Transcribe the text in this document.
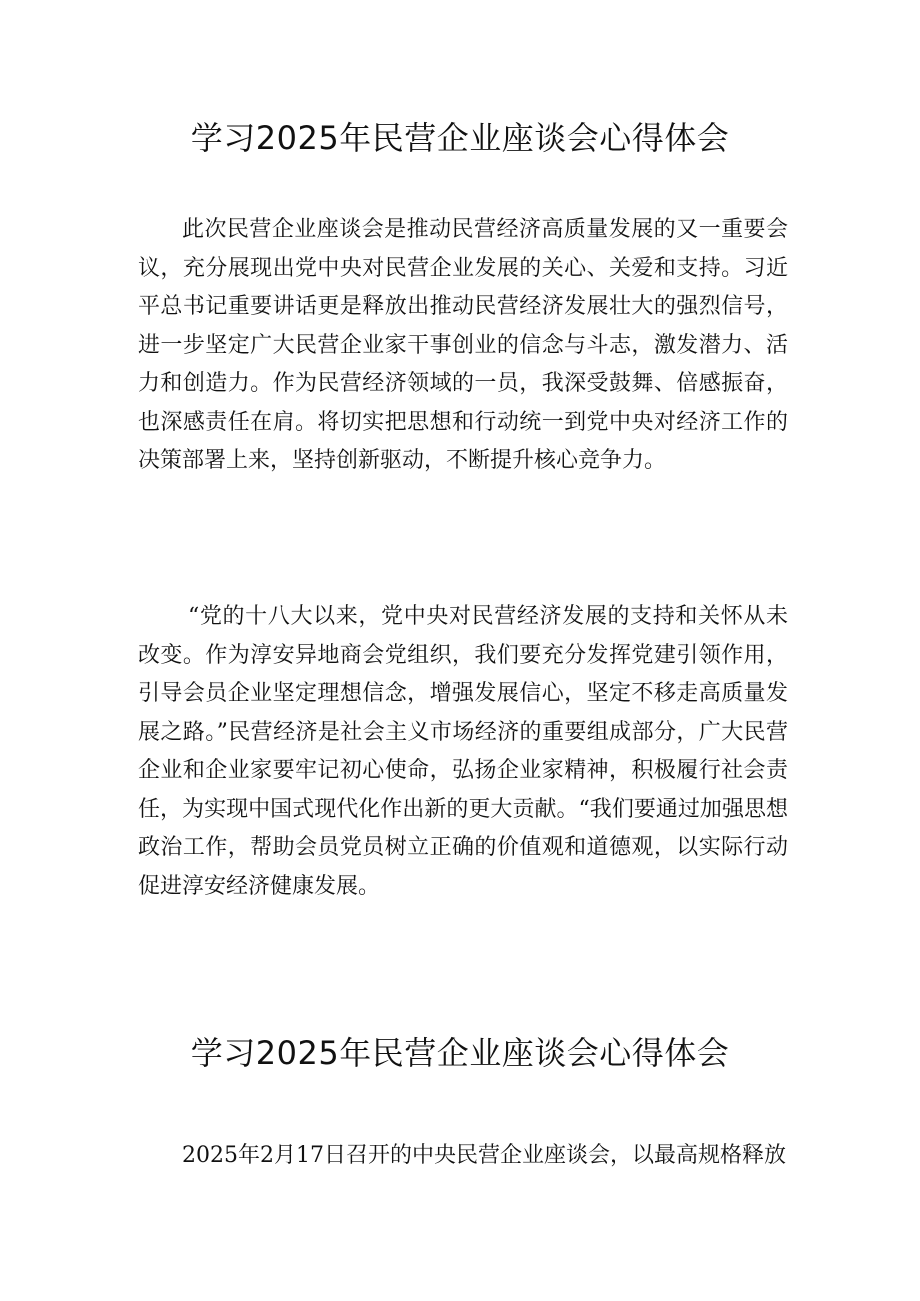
学习2025年民营企业座谈会心得体会

此次民营企业座谈会是推动民营经济高质量发展的又一重要会议，充分展现出党中央对民营企业发展的关心、关爱和支持。习近平总书记重要讲话更是释放出推动民营经济发展壮大的强烈信号，进一步坚定广大民营企业家干事创业的信念与斗志，激发潜力、活力和创造力。作为民营经济领域的一员，我深受鼓舞、倍感振奋，也深感责任在肩。将切实把思想和行动统一到党中央对经济工作的决策部署上来，坚持创新驱动，不断提升核心竞争力。

“党的十八大以来，党中央对民营经济发展的支持和关怀从未改变。作为淳安异地商会党组织，我们要充分发挥党建引领作用，引导会员企业坚定理想信念，增强发展信心，坚定不移走高质量发展之路。”民营经济是社会主义市场经济的重要组成部分，广大民营企业和企业家要牢记初心使命，弘扬企业家精神，积极履行社会责任，为实现中国式现代化作出新的更大贡献。“我们要通过加强思想政治工作，帮助会员党员树立正确的价值观和道德观，以实际行动促进淳安经济健康发展。

学习2025年民营企业座谈会心得体会

2025年2月17日召开的中央民营企业座谈会，以最高规格释放
